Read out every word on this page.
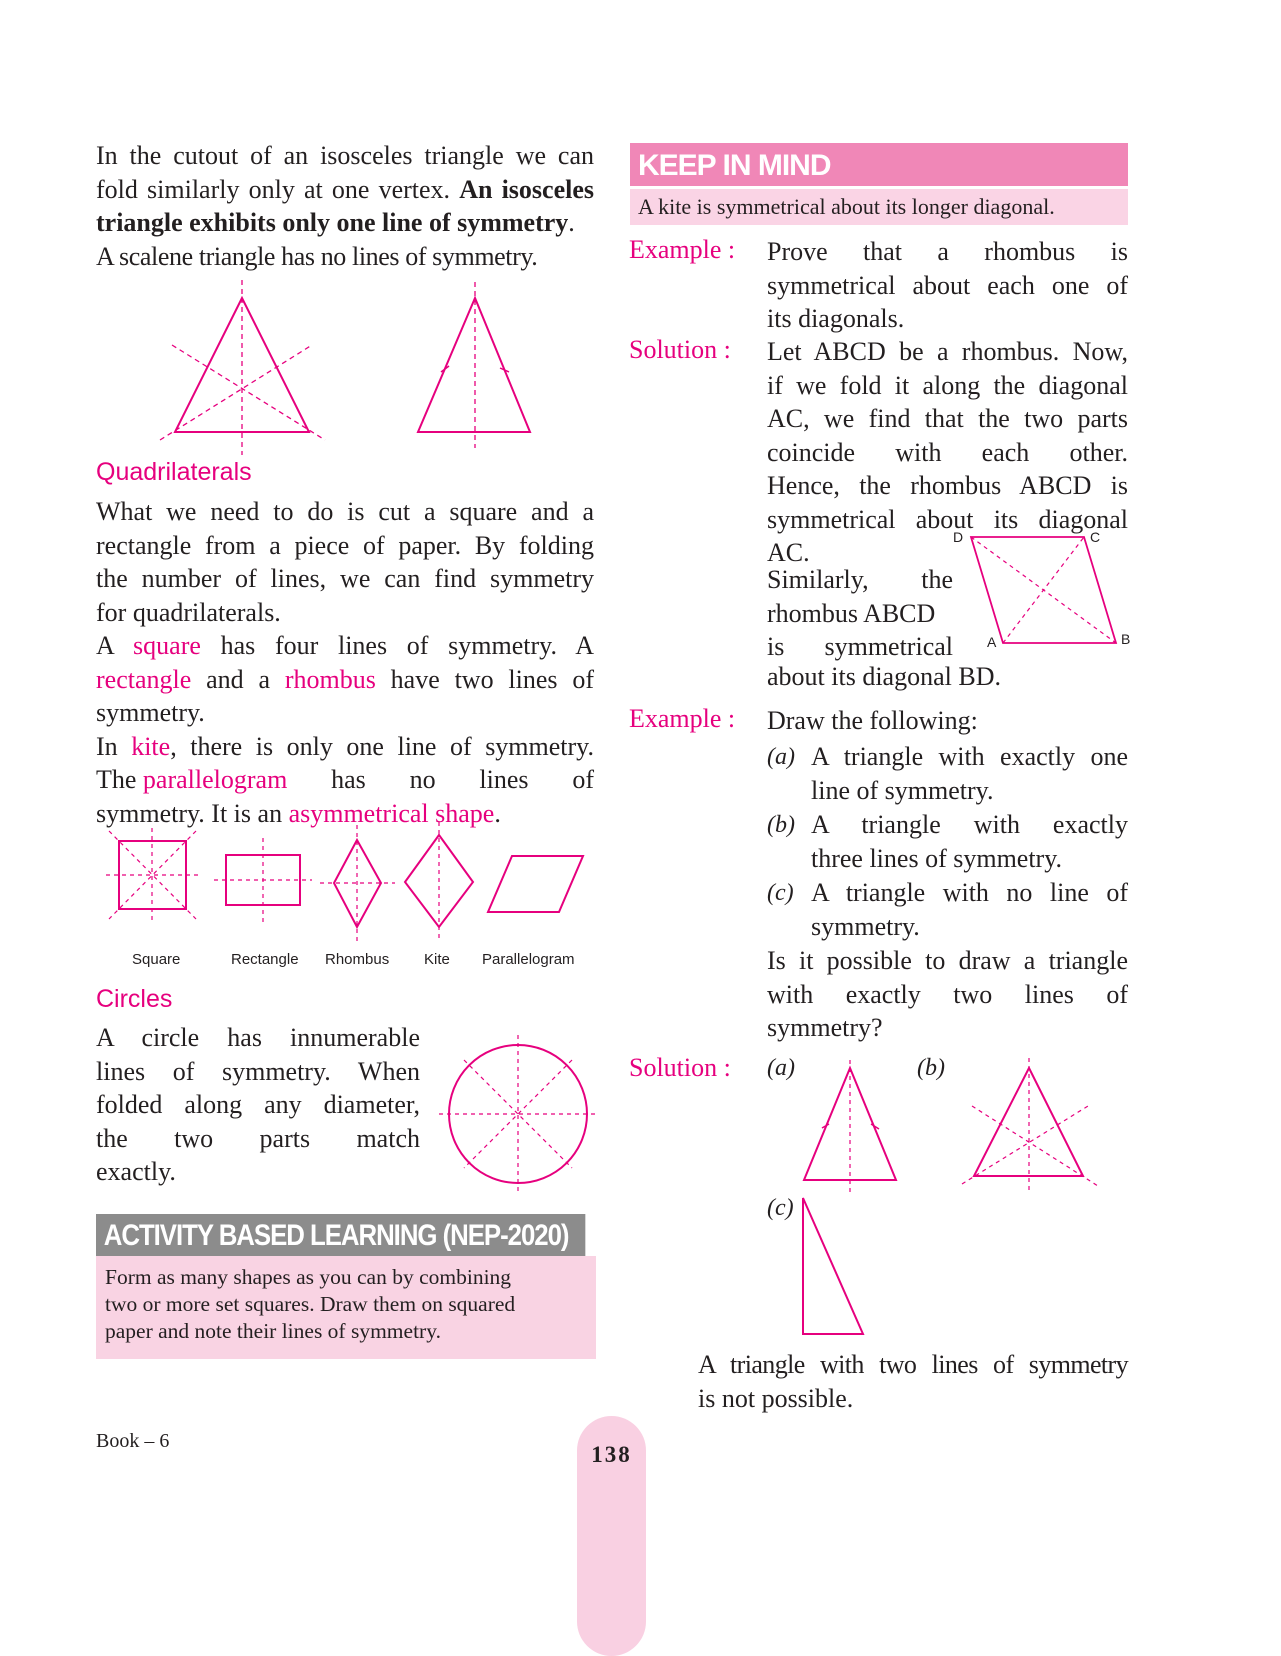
In the cutout of an isosceles triangle we can
fold similarly only at one vertex. An isosceles
triangle exhibits only one line of symmetry.
A scalene triangle has no lines of symmetry.
Quadrilaterals
What we need to do is cut a square and a
rectangle from a piece of paper. By folding
the number of lines, we can find symmetry
for quadrilaterals.
A square has four lines of symmetry. A
rectangle and a rhombus have two lines of
symmetry.
In kite, there is only one line of symmetry.
The parallelogram has no lines of
symmetry. It is an asymmetrical shape.
Square	Rectangle Rhombus Kite Parallelogram
Circles
A circle has innumerable
lines of symmetry. When
folded along any diameter,
the two parts match
exactly.
ACTIVITY BASED LEARNING (NEP-2020)
Form as many shapes as you can by combining
two or more set squares. Draw them on squared
paper and note their lines of symmetry.
KEEP IN MIND
A kite is symmetrical about its longer diagonal.
Example : Prove that a rhombus is
symmetrical about each one of
its diagonals.
Solution : Let ABCD be a rhombus. Now,
if we fold it along the diagonal
AC, we find that the two parts
coincide with each other.
Hence, the rhombus ABCD is
symmetrical about its diagonal
AC.
Similarly, the
rhombus ABCD
is symmetrical
about its diagonal BD.
D	C
A	B
Example : Draw the following:
(a) A triangle with exactly one
line of symmetry.
(b) A triangle with exactly
three lines of symmetry.
(c) A triangle with no line of
symmetry.
Is it possible to draw a triangle
with exactly two lines of
symmetry?
Solution : (a)	(b)
(c)
A triangle with two lines of symmetry
is not possible.
Book – 6
138
